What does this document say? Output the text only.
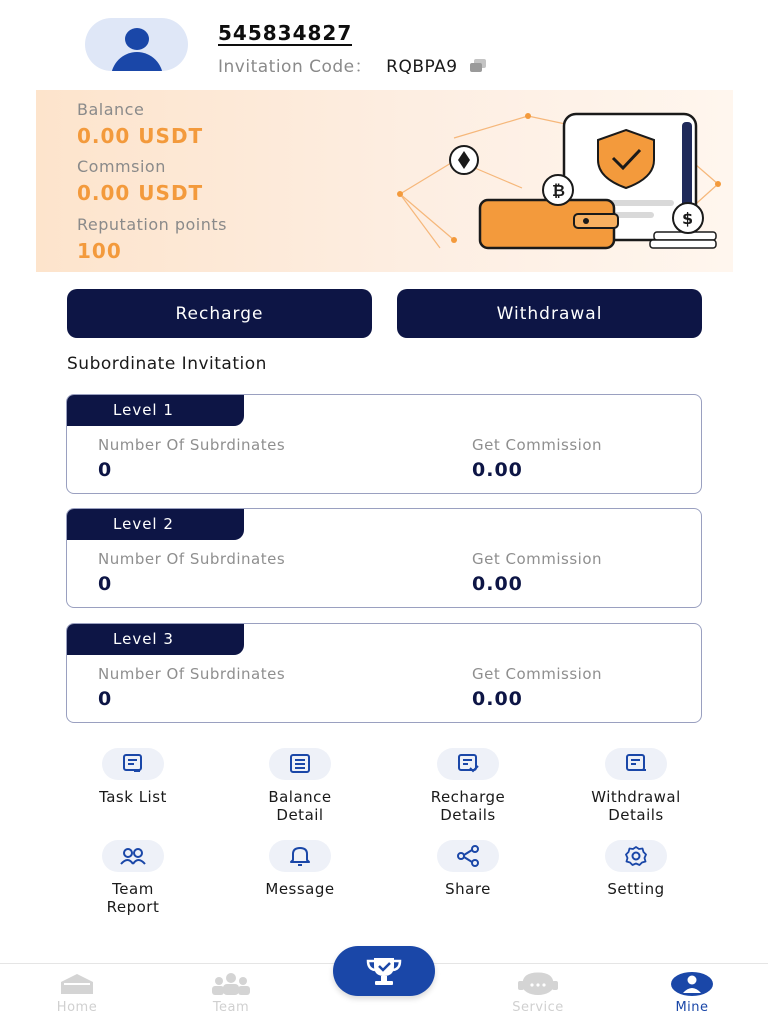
545834827
Invitation Code： RQBPA9
Balance
0.00 USDT
Commsion
0.00 USDT
Reputation points
100
₿
$
Recharge	Withdrawal
Subordinate Invitation
Level 1
Number Of Subrdinates	Get Commission
0	0.00
Level 2
Number Of Subrdinates	Get Commission
0	0.00
Level 3
Number Of Subrdinates	Get Commission
0	0.00
Task List	Balance
Detail
Recharge
Details
Withdrawal
Details
Team
Report
Message	Share	Setting
Home	Team	Service	Mine
